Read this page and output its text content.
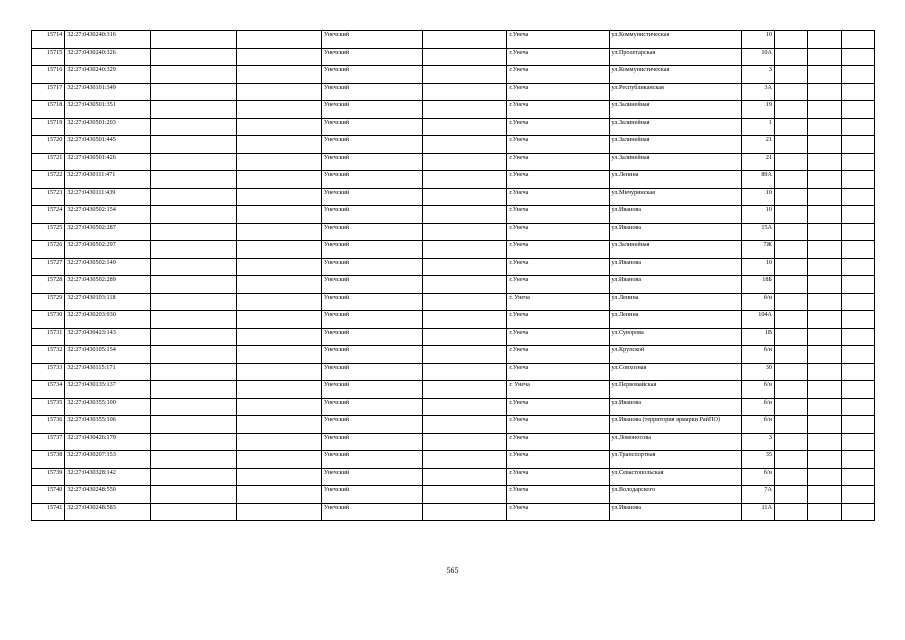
15714	32:27:0430240:316			Унечский		г.Унеча	ул.Коммунистическая	10			
15715	32:27:0430240:326			Унечский		г.Унеча	ул.Пролетарская	10А			
15716	32:27:0430240:329			Унечский		г.Унеча	ул.Коммунистическая	3			
15717	32:27:0430101:349			Унечский		г.Унеча	ул.Республиканская	3А			
15718	32:27:0430501:351			Унечский		г.Унеча	ул.Залинейная	19			
15719	32:27:0430501:203			Унечский		г.Унеча	ул.Залинейная	1			
15720	32:27:0430501:445			Унечский		г.Унеча	ул.Залинейная	21			
15721	32:27:0430501:426			Унечский		г.Унеча	ул.Залинейная	21			
15722	32:27:0430111:471			Унечский		г.Унеча	ул.Ленина	89А			
15723	32:27:0430111:439			Унечский		г.Унеча	ул.Мичуринская	10			
15724	32:27:0430502:154			Унечский		г.Унеча	ул.Иванова	10			
15725	32:27:0430502:287			Унечский		г.Унеча	ул.Иванова	15А			
15726	32:27:0430502:297			Унечский		г.Унеча	ул.Залинейная	7Ж			
15727	32:27:0430502:149			Унечский		г.Унеча	ул.Иванова	10			
15728	32:27:0430502:289			Унечский		г.Унеча	ул.Иванова	18Б			
15729	32:27:0430103:118			Унечский		г. Унеча	ул.Ленина	б/н			
15730	32:27:0430203:930			Унечский		г.Унеча	ул.Ленина	104А			
15731	32:27:0430423:143			Унечский		г.Унеча	ул.Суворова	1В			
15732	32:27:0430105:154			Унечский		г.Унеча	ул.Крупской	б/н			
15733	32:27:0430115:171			Унечский		г.Унеча	ул.Совхозная	30			
15734	32:27:0430135:137			Унечский		г. Унеча	ул.Первомайская	б/н			
15735	32:27:0430355:100			Унечский		г.Унеча	ул.Иванова	б/н			
15736	32:27:0430355:106			Унечский		г.Унеча	ул.Иванова (территория ярмарки РайПО)	б/н			
15737	32:27:0430426:179			Унечский		г.Унеча	ул.Ломоносова	3			
15738	32:27:0430207:153			Унечский		г.Унеча	ул.Транспортная	35			
15739	32:27:0430328:142			Унечский		г.Унеча	ул.Севастопольская	б/н			
15740	32:27:0430248:550			Унечский		г.Унеча	ул.Володарского	7А			
15741	32:27:0430248:583			Унечский		г.Унеча	ул.Иванова	11А			
565
